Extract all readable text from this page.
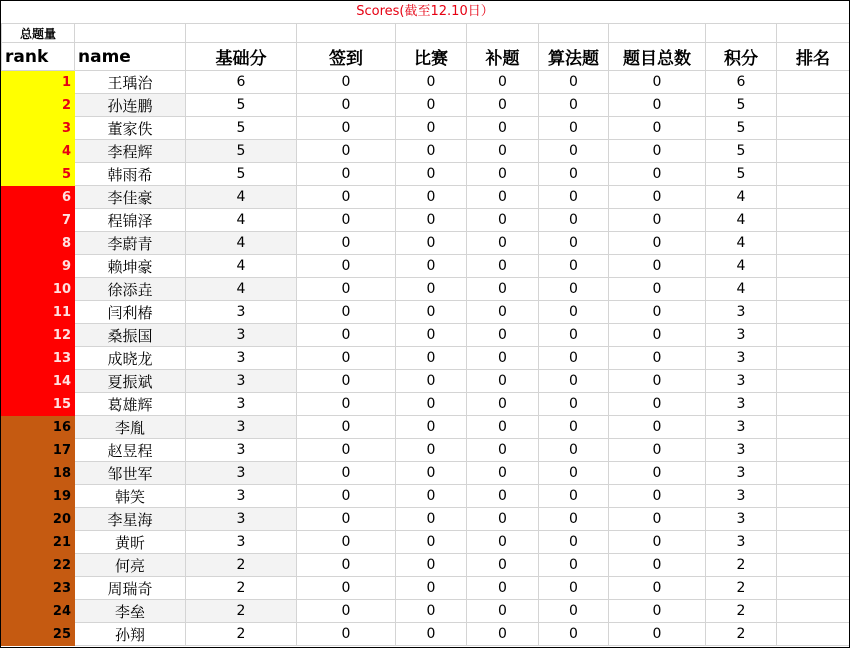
Scores(截至12.10日）
总题量									
rank	name	基础分	签到	比赛	补题	算法题	题目总数	积分	排名
1	王瑀治	6	0	0	0	0	0	6	
2	孙连鹏	5	0	0	0	0	0	5	
3	董家佚	5	0	0	0	0	0	5	
4	李程辉	5	0	0	0	0	0	5	
5	韩雨希	5	0	0	0	0	0	5	
6	李佳豪	4	0	0	0	0	0	4	
7	程锦泽	4	0	0	0	0	0	4	
8	李蔚青	4	0	0	0	0	0	4	
9	赖坤豪	4	0	0	0	0	0	4	
10	徐添垚	4	0	0	0	0	0	4	
11	闫利椿	3	0	0	0	0	0	3	
12	桑振国	3	0	0	0	0	0	3	
13	成晓龙	3	0	0	0	0	0	3	
14	夏振斌	3	0	0	0	0	0	3	
15	葛雄辉	3	0	0	0	0	0	3	
16	李胤	3	0	0	0	0	0	3	
17	赵昱程	3	0	0	0	0	0	3	
18	邹世军	3	0	0	0	0	0	3	
19	韩笑	3	0	0	0	0	0	3	
20	李星海	3	0	0	0	0	0	3	
21	黄昕	3	0	0	0	0	0	3	
22	何亮	2	0	0	0	0	0	2	
23	周瑞奇	2	0	0	0	0	0	2	
24	李垒	2	0	0	0	0	0	2	
25	孙翔	2	0	0	0	0	0	2	
